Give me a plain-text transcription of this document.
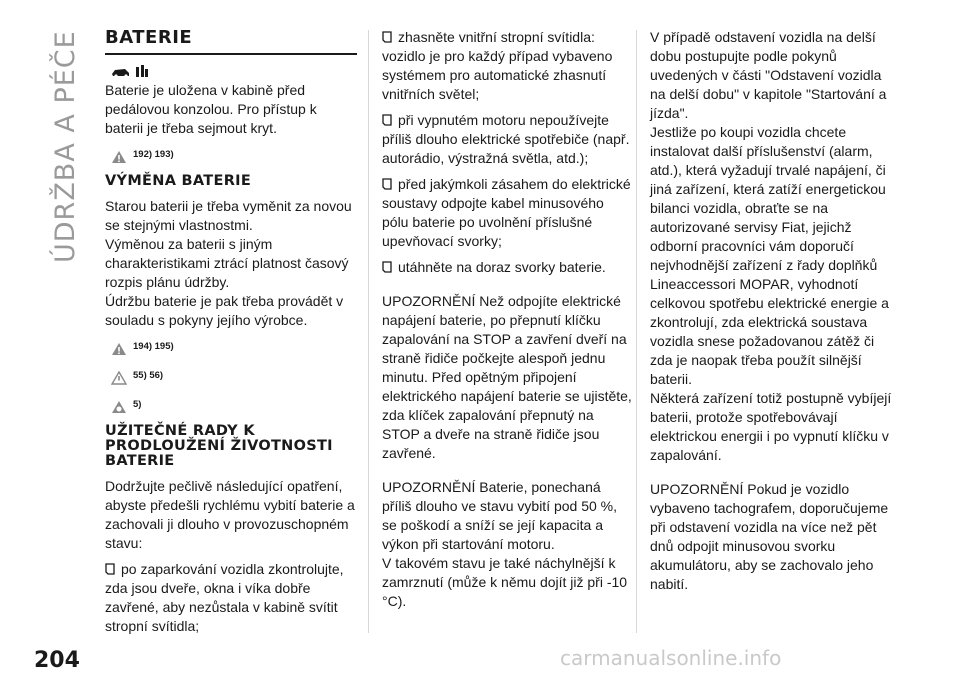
ÚDRŽBA A PÉČE
204	carmanualsonline.info
BATERIE

Baterie je uložena v kabině před pedálovou konzolou. Pro přístup k baterii je třeba sejmout kryt.

192) 193)
VÝMĚNA BATERIE

Starou baterii je třeba vyměnit za novou se stejnými vlastnostmi.

Výměnou za baterii s jiným charakteristikami ztrácí platnost časový rozpis plánu údržby.

Údržbu baterie je pak třeba provádět v souladu s pokyny jejího výrobce.

194) 195)
55) 56)
5)
UŽITEČNÉ RADY K PRODLOUŽENÍ ŽIVOTNOSTI BATERIE

Dodržujte pečlivě následující opatření, abyste předešli rychlému vybití baterie a zachovali ji dlouho v provozuschopném stavu:

po zaparkování vozidla zkontrolujte, zda jsou dveře, okna i víka dobře zavřené, aby nezůstala v kabině svítit stropní svítidla;
zhasněte vnitřní stropní svítidla: vozidlo je pro každý případ vybaveno systémem pro automatické zhasnutí vnitřních světel;
při vypnutém motoru nepoužívejte příliš dlouho elektrické spotřebiče (např. autorádio, výstražná světla, atd.);
před jakýmkoli zásahem do elektrické soustavy odpojte kabel minusového pólu baterie po uvolnění příslušné upevňovací svorky;
utáhněte na doraz svorky baterie.

UPOZORNĚNÍ Než odpojíte elektrické napájení baterie, po přepnutí klíčku zapalování na STOP a zavření dveří na straně řidiče počkejte alespoň jednu minutu. Před opětným připojení elektrického napájení baterie se ujistěte, zda klíček zapalování přepnutý na STOP a dveře na straně řidiče jsou zavřené.

UPOZORNĚNÍ Baterie, ponechaná příliš dlouho ve stavu vybití pod 50 %, se poškodí a sníží se její kapacita a výkon při startování motoru.

V takovém stavu je také náchylnější k zamrznutí (může k němu dojít již při -10 °C).

V případě odstavení vozidla na delší dobu postupujte podle pokynů uvedených v části "Odstavení vozidla na delší dobu" v kapitole "Startování a jízda".

Jestliže po koupi vozidla chcete instalovat další příslušenství (alarm, atd.), která vyžadují trvalé napájení, či jiná zařízení, která zatíží energetickou bilanci vozidla, obraťte se na autorizované servisy Fiat, jejichž odborní pracovníci vám doporučí nejvhodnější zařízení z řady doplňků Lineaccessori MOPAR, vyhodnotí celkovou spotřebu elektrické energie a zkontrolují, zda elektrická soustava vozidla snese požadovanou zátěž či zda je naopak třeba použít silnější baterii.

Některá zařízení totiž postupně vybíjejí baterii, protože spotřebovávají elektrickou energii i po vypnutí klíčku v zapalování.

UPOZORNĚNÍ Pokud je vozidlo vybaveno tachografem, doporučujeme při odstavení vozidla na více než pět dnů odpojit minusovou svorku akumulátoru, aby se zachovalo jeho nabití.
